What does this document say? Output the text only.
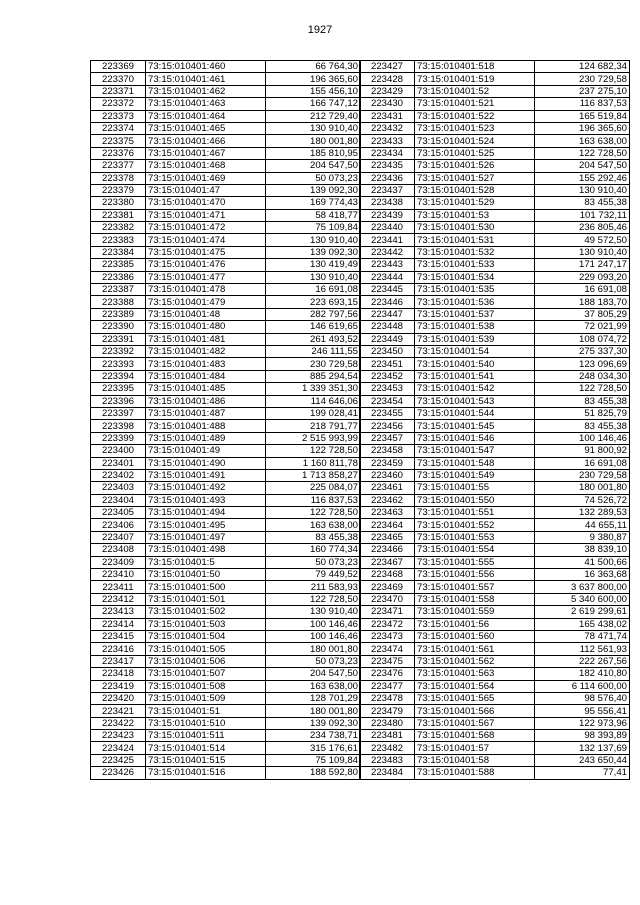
1927
223369	73:15:010401:460	66 764,30
223370	73:15:010401:461	196 365,60
223371	73:15:010401:462	155 456,10
223372	73:15:010401:463	166 747,12
223373	73:15:010401:464	212 729,40
223374	73:15:010401:465	130 910,40
223375	73:15:010401:466	180 001,80
223376	73:15:010401:467	185 810,95
223377	73:15:010401:468	204 547,50
223378	73:15:010401:469	50 073,23
223379	73:15:010401:47	139 092,30
223380	73:15:010401:470	169 774,43
223381	73:15:010401:471	58 418,77
223382	73:15:010401:472	75 109,84
223383	73:15:010401:474	130 910,40
223384	73:15:010401:475	139 092,30
223385	73:15:010401:476	130 419,49
223386	73:15:010401:477	130 910,40
223387	73:15:010401:478	16 691,08
223388	73:15:010401:479	223 693,15
223389	73:15:010401:48	282 797,56
223390	73:15:010401:480	146 619,65
223391	73:15:010401:481	261 493,52
223392	73:15:010401:482	246 111,55
223393	73:15:010401:483	230 729,58
223394	73:15:010401:484	885 294,54
223395	73:15:010401:485	1 339 351,30
223396	73:15:010401:486	114 646,06
223397	73:15:010401:487	199 028,41
223398	73:15:010401:488	218 791,77
223399	73:15:010401:489	2 515 993,99
223400	73:15:010401:49	122 728,50
223401	73:15:010401:490	1 160 811,78
223402	73:15:010401:491	1 713 858,27
223403	73:15:010401:492	225 084,07
223404	73:15:010401:493	116 837,53
223405	73:15:010401:494	122 728,50
223406	73:15:010401:495	163 638,00
223407	73:15:010401:497	83 455,38
223408	73:15:010401:498	160 774,34
223409	73:15:010401:5	50 073,23
223410	73:15:010401:50	79 449,52
223411	73:15:010401:500	211 583,93
223412	73:15:010401:501	122 728,50
223413	73:15:010401:502	130 910,40
223414	73:15:010401:503	100 146,46
223415	73:15:010401:504	100 146,46
223416	73:15:010401:505	180 001,80
223417	73:15:010401:506	50 073,23
223418	73:15:010401:507	204 547,50
223419	73:15:010401:508	163 638,00
223420	73:15:010401:509	128 701,29
223421	73:15:010401:51	180 001,80
223422	73:15:010401:510	139 092,30
223423	73:15:010401:511	234 738,71
223424	73:15:010401:514	315 176,61
223425	73:15:010401:515	75 109,84
223426	73:15:010401:516	188 592,80
223427	73:15:010401:518	124 682,34
223428	73:15:010401:519	230 729,58
223429	73:15:010401:52	237 275,10
223430	73:15:010401:521	116 837,53
223431	73:15:010401:522	165 519,84
223432	73:15:010401:523	196 365,60
223433	73:15:010401:524	163 638,00
223434	73:15:010401:525	122 728,50
223435	73:15:010401:526	204 547,50
223436	73:15:010401:527	155 292,46
223437	73:15:010401:528	130 910,40
223438	73:15:010401:529	83 455,38
223439	73:15:010401:53	101 732,11
223440	73:15:010401:530	236 805,46
223441	73:15:010401:531	49 572,50
223442	73:15:010401:532	130 910,40
223443	73:15:010401:533	171 247,17
223444	73:15:010401:534	229 093,20
223445	73:15:010401:535	16 691,08
223446	73:15:010401:536	188 183,70
223447	73:15:010401:537	37 805,29
223448	73:15:010401:538	72 021,99
223449	73:15:010401:539	108 074,72
223450	73:15:010401:54	275 337,30
223451	73:15:010401:540	123 096,69
223452	73:15:010401:541	248 034,30
223453	73:15:010401:542	122 728,50
223454	73:15:010401:543	83 455,38
223455	73:15:010401:544	51 825,79
223456	73:15:010401:545	83 455,38
223457	73:15:010401:546	100 146,46
223458	73:15:010401:547	91 800,92
223459	73:15:010401:548	16 691,08
223460	73:15:010401:549	230 729,58
223461	73:15:010401:55	180 001,80
223462	73:15:010401:550	74 526,72
223463	73:15:010401:551	132 289,53
223464	73:15:010401:552	44 655,11
223465	73:15:010401:553	9 380,87
223466	73:15:010401:554	38 839,10
223467	73:15:010401:555	41 500,66
223468	73:15:010401:556	16 363,68
223469	73:15:010401:557	3 637 800,00
223470	73:15:010401:558	5 340 600,00
223471	73:15:010401:559	2 619 299,61
223472	73:15:010401:56	165 438,02
223473	73:15:010401:560	78 471,74
223474	73:15:010401:561	112 561,93
223475	73:15:010401:562	222 267,56
223476	73:15:010401:563	182 410,80
223477	73:15:010401:564	6 114 600,00
223478	73:15:010401:565	98 576,40
223479	73:15:010401:566	95 556,41
223480	73:15:010401:567	122 973,96
223481	73:15:010401:568	98 393,89
223482	73:15:010401:57	132 137,69
223483	73:15:010401:58	243 650,44
223484	73:15:010401:588	77,41
